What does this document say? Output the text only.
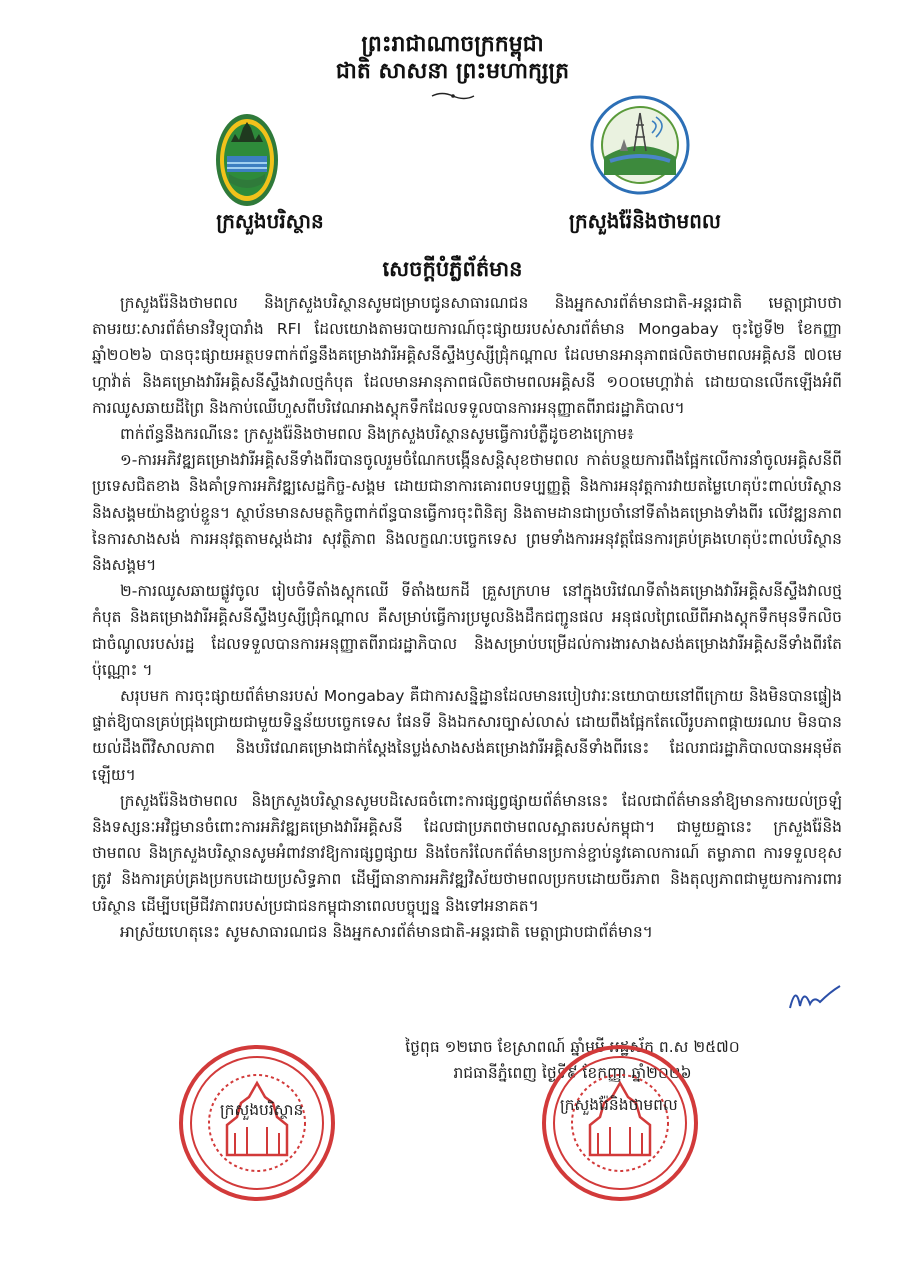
ព្រះរាជាណាចក្រកម្ពុជា
ជាតិ សាសនា ព្រះមហាក្សត្រ
ក្រសួងបរិស្ថាន	ក្រសួងរ៉ែនិងថាមពល
សេចក្តីបំភ្លឺព័ត៌មាន

ក្រសួងរ៉ែនិងថាមពល និងក្រសួងបរិស្ថានសូមជម្រាបជូនសាធារណជន និងអ្នកសារព័ត៌មានជាតិ-អន្តរជាតិ មេត្តាជ្រាបថា តាមរយៈសារព័ត៌មានវិទ្យុបារាំង RFI ដែលយោងតាមរបាយការណ៍ចុះផ្សាយរបស់សារព័ត៌មាន Mongabay ចុះថ្ងៃទី២ ខែកញ្ញា ឆ្នាំ២០២៦ បានចុះផ្សាយអត្ថបទពាក់ព័ន្ធនឹងគម្រោងវារីអគ្គិសនីស្ទឹងឫស្សីជ្រុំកណ្តាល ដែលមានអានុភាពផលិតថាមពលអគ្គិសនី ៧០មេហ្គាវ៉ាត់ និងគម្រោងវារីអគ្គិសនីស្ទឹងវាលថ្មកំបុត ដែលមានអានុភាពផលិតថាមពលអគ្គិសនី ១០០មេហ្គាវ៉ាត់ ដោយបានលើកឡើងអំពីការឈូសឆាយដីព្រៃ និងកាប់ឈើហួសពីបរិវេណអាងស្តុកទឹកដែលទទួលបានការអនុញ្ញាតពីរាជរដ្ឋាភិបាល។

ពាក់ព័ន្ធនឹងករណីនេះ ក្រសួងរ៉ែនិងថាមពល និងក្រសួងបរិស្ថានសូមធ្វើការបំភ្លឺដូចខាងក្រោម៖

១-ការអភិវឌ្ឍគម្រោងវារីអគ្គិសនីទាំងពីរបានចូលរួមចំណែកបង្កើនសន្តិសុខថាមពល កាត់បន្ថយការពឹងផ្អែកលើការនាំចូលអគ្គិសនីពីប្រទេសជិតខាង និងគាំទ្រការអភិវឌ្ឍសេដ្ឋកិច្ច-សង្គម ដោយជានាការគោរពបទប្បញ្ញត្តិ និងការអនុវត្តការវាយតម្លៃហេតុប៉ះពាល់បរិស្ថាន និងសង្គមយ៉ាងខ្ជាប់ខ្ជួន។ ស្ថាប័នមានសមត្ថកិច្ចពាក់ព័ន្ធបានធ្វើការចុះពិនិត្យ និងតាមដានជាប្រចាំនៅទីតាំងគម្រោងទាំងពីរ លើវឌ្ឍនភាពនៃការសាងសង់ ការអនុវត្តតាមស្តង់ដារ សុវត្ថិភាព និងលក្ខណៈបច្ចេកទេស ព្រមទាំងការអនុវត្តផែនការគ្រប់គ្រងហេតុប៉ះពាល់បរិស្ថាន និងសង្គម។

២-ការឈូសឆាយផ្លូវចូល រៀបចំទីតាំងស្តុកឈើ ទីតាំងយកដី គ្រួសក្រហម នៅក្នុងបរិវេណទីតាំងគម្រោងវារីអគ្គិសនីស្ទឹងវាលថ្មកំបុត និងគម្រោងវារីអគ្គិសនីស្ទឹងឫស្សីជ្រុំកណ្តាល គឺសម្រាប់ធ្វើការប្រមូលនិងដឹកជញ្ជូនផល អនុផលព្រៃឈើពីអាងស្តុកទឹកមុនទឹកលិចជាចំណូលរបស់រដ្ឋ ដែលទទួលបានការអនុញ្ញាតពីរាជរដ្ឋាភិបាល និងសម្រាប់បម្រើដល់ការងារសាងសង់គម្រោងវារីអគ្គិសនីទាំងពីរតែប៉ុណ្ណោះ ។

សរុបមក ការចុះផ្សាយព័ត៌មានរបស់ Mongabay គឺជាការសន្និដ្ឋានដែលមានរបៀបវារៈនយោបាយនៅពីក្រោយ និងមិនបានផ្ទៀងផ្ទាត់ឱ្យបានគ្រប់ជ្រុងជ្រោយជាមួយទិន្នន័យបច្ចេកទេស ផែនទី និងឯកសារច្បាស់លាស់ ដោយពឹងផ្អែកតែលើរូបភាពផ្កាយរណប មិនបានយល់ដឹងពីវិសាលភាព និងបរិវេណគម្រោងជាក់ស្តែងនៃប្លង់សាងសង់គម្រោងវារីអគ្គិសនីទាំងពីរនេះ ដែលរាជរដ្ឋាភិបាលបានអនុម័តឡើយ។

ក្រសួងរ៉ែនិងថាមពល និងក្រសួងបរិស្ថានសូមបដិសេធចំពោះការផ្សព្វផ្សាយព័ត៌មាននេះ ដែលជាព័ត៌មាននាំឱ្យមានការយល់ច្រឡំ និងទស្សនៈអវិជ្ជមានចំពោះការអភិវឌ្ឍគម្រោងវារីអគ្គិសនី ដែលជាប្រភពថាមពលស្អាតរបស់កម្ពុជា។ ជាមួយគ្នានេះ ក្រសួងរ៉ែនិងថាមពល និងក្រសួងបរិស្ថានសូមអំពាវនាវឱ្យការផ្សព្វផ្សាយ និងចែករំលែកព័ត៌មានប្រកាន់ខ្ជាប់នូវគោលការណ៍ តម្លាភាព ការទទួលខុសត្រូវ និងការគ្រប់គ្រងប្រកបដោយប្រសិទ្ធភាព ដើម្បីធានាការអភិវឌ្ឍវិស័យថាមពលប្រកបដោយចីរភាព និងតុល្យភាពជាមួយការការពារបរិស្ថាន ដើម្បីបម្រើជីវភាពរបស់ប្រជាជនកម្ពុជានាពេលបច្ចុប្បន្ន និងទៅអនាគត។

អាស្រ័យហេតុនេះ សូមសាធារណជន និងអ្នកសារព័ត៌មានជាតិ-អន្តរជាតិ មេត្តាជ្រាបជាព័ត៌មាន។

ថ្ងៃពុធ ១២រោច ខែស្រាពណ៍ ឆ្នាំមមី អដ្ឋស័ក ព.ស ២៥៧០
រាជធានីភ្នំពេញ ថ្ងៃទី៩ ខែកញ្ញា ឆ្នាំ២០២៦
ក្រសួងបរិស្ថាន	ក្រសួងរ៉ែនិងថាមពល
